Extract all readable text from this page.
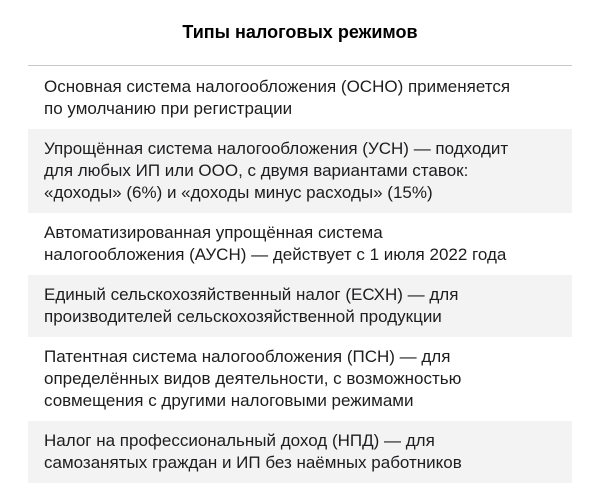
Типы налоговых режимов
Основная система налогообложения (ОСНО) применяется
по умолчанию при регистрации
Упрощённая система налогообложения (УСН) — подходит
для любых ИП или ООО, с двумя вариантами ставок:
«доходы» (6%) и «доходы минус расходы» (15%)
Автоматизированная упрощённая система
налогообложения (АУСН) — действует с 1 июля 2022 года
Единый сельскохозяйственный налог (ЕСХН) — для
производителей сельскохозяйственной продукции
Патентная система налогообложения (ПСН) — для
определённых видов деятельности, с возможностью
совмещения с другими налоговыми режимами
Налог на профессиональный доход (НПД) — для
самозанятых граждан и ИП без наёмных работников
